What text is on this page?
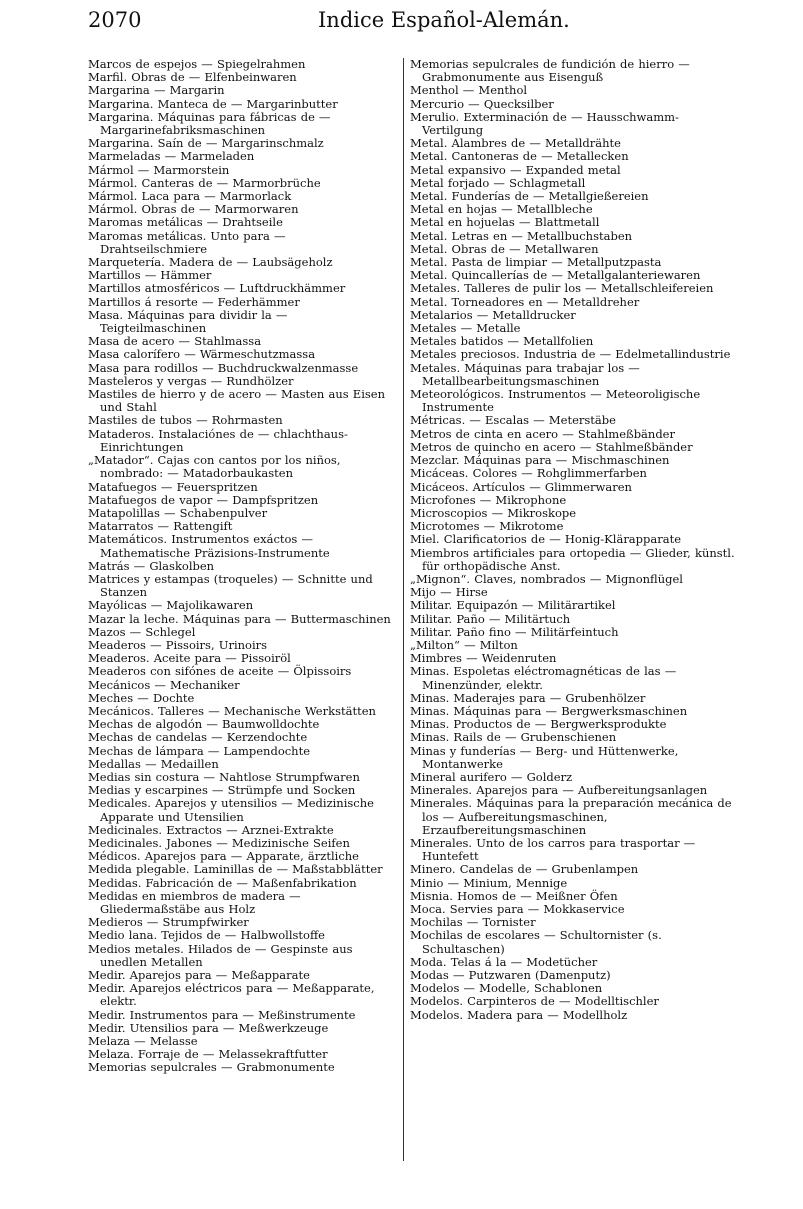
2070	Indice Español-Alemán.
Marcos de espejos — Spiegelrahmen
Marfil. Obras de — Elfenbeinwaren
Margarina — Margarin
Margarina. Manteca de — Margarinbutter
Margarina. Máquinas para fábricas de — Margarinefabriksmaschinen
Margarina. Saín de — Margarinschmalz
Marmeladas — Marmeladen
Mármol — Marmorstein
Mármol. Canteras de — Marmorbrüche
Mármol. Laca para — Marmorlack
Mármol. Obras de — Marmorwaren
Maromas metálicas — Drahtseile
Maromas metálicas. Unto para — Drahtseilschmiere
Marquetería. Madera de — Laubsägeholz
Martillos — Hämmer
Martillos atmosféricos — Luftdruckhämmer
Martillos á resorte — Federhämmer
Masa. Máquinas para dividir la — Teigteilmaschinen
Masa de acero — Stahlmassa
Masa calorífero — Wärmeschutzmassa
Masa para rodillos — Buchdruckwalzenmasse
Masteleros y vergas — Rundhölzer
Mastiles de hierro y de acero — Masten aus Eisen und Stahl
Mastiles de tubos — Rohrmasten
Mataderos. Instalaciónes de — chlachthaus-Einrichtungen
„Matador“. Cajas con cantos por los niños, nombrado: — Matadorbaukasten
Matafuegos — Feuerspritzen
Matafuegos de vapor — Dampfspritzen
Matapolillas — Schabenpulver
Matarratos — Rattengift
Matemáticos. Instrumentos exáctos — Mathematische Präzisions-Instrumente
Matrás — Glaskolben
Matrices y estampas (troqueles) — Schnitte und Stanzen
Mayólicas — Majolikawaren
Mazar la leche. Máquinas para — Buttermaschinen
Mazos — Schlegel
Meaderos — Pissoirs, Urinoirs
Meaderos. Aceite para — Pissoiröl
Meaderos con sifónes de aceite — Ölpissoirs
Mecánicos — Mechaniker
Meches — Dochte
Mecánicos. Talleres — Mechanische Werkstätten
Mechas de algodón — Baumwolldochte
Mechas de candelas — Kerzendochte
Mechas de lámpara — Lampendochte
Medallas — Medaillen
Medias sin costura — Nahtlose Strumpfwaren
Medias y escarpines — Strümpfe und Socken
Medicales. Aparejos y utensilios — Medizinische Apparate und Utensilien
Medicinales. Extractos — Arznei-Extrakte
Medicinales. Jabones — Medizinische Seifen
Médicos. Aparejos para — Apparate, ärztliche
Medida plegable. Laminillas de — Maßstabblätter
Medidas. Fabricación de — Maßenfabrikation
Medidas en miembros de madera — Gliedermaßstäbe aus Holz
Medieros — Strumpfwirker
Medio lana. Tejidos de — Halbwollstoffe
Medios metales. Hilados de — Gespinste aus unedlen Metallen
Medir. Aparejos para — Meßapparate
Medir. Aparejos eléctricos para — Meßapparate, elektr.
Medir. Instrumentos para — Meßinstrumente
Medir. Utensilios para — Meßwerkzeuge
Melaza — Melasse
Melaza. Forraje de — Melassekraftfutter
Memorias sepulcrales — Grabmonumente
Memorias sepulcrales de fundición de hierro — Grabmonumente aus Eisenguß
Menthol — Menthol
Mercurio — Quecksilber
Merulio. Exterminación de — Hausschwamm-Vertilgung
Metal. Alambres de — Metalldrähte
Metal. Cantoneras de — Metallecken
Metal expansivo — Expanded metal
Metal forjado — Schlagmetall
Metal. Funderías de — Metallgießereien
Metal en hojas — Metallbleche
Metal en hojuelas — Blattmetall
Metal. Letras en — Metallbuchstaben
Metal. Obras de — Metallwaren
Metal. Pasta de limpiar — Metallputzpasta
Metal. Quincallerías de — Metallgalanteriewaren
Metales. Talleres de pulir los — Metallschleifereien
Metal. Torneadores en — Metalldreher
Metalarios — Metalldrucker
Metales — Metalle
Metales batidos — Metallfolien
Metales preciosos. Industria de — Edelmetallindustrie
Metales. Máquinas para trabajar los — Metallbearbeitungsmaschinen
Meteorológicos. Instrumentos — Meteoroligische Instrumente
Métricas. — Escalas — Meterstäbe
Metros de cinta en acero — Stahlmeßbänder
Metros de quincho en acero — Stahlmeßbänder
Mezclar. Máquinas para — Mischmaschinen
Micáceas. Colores — Rohglimmerfarben
Micáceos. Artículos — Glimmerwaren
Microfones — Mikrophone
Microscopios — Mikroskope
Microtomes — Mikrotome
Miel. Clarificatorios de — Honig-Klärapparate
Miembros artificiales para ortopedia — Glieder, künstl. für orthopädische Anst.
„Mignon“. Claves, nombrados — Mignonflügel
Mijo — Hirse
Militar. Equipazón — Militärartikel
Militar. Paño — Militärtuch
Militar. Paño fino — Militärfeintuch
„Milton“ — Milton
Mimbres — Weidenruten
Minas. Espoletas eléctromagnéticas de las — Minenzünder, elektr.
Minas. Maderajes para — Grubenhölzer
Minas. Máquinas para — Bergwerksmaschinen
Minas. Productos de — Bergwerksprodukte
Minas. Rails de — Grubenschienen
Minas y funderías — Berg- und Hüttenwerke, Montanwerke
Mineral aurifero — Golderz
Minerales. Aparejos para — Aufbereitungsanlagen
Minerales. Máquinas para la preparación mecánica de los — Aufbereitungsmaschinen, Erzaufbereitungsmaschinen
Minerales. Unto de los carros para trasportar — Huntefett
Minero. Candelas de — Grubenlampen
Minio — Minium, Mennige
Misnia. Homos de — Meißner Öfen
Moca. Servies para — Mokkaservice
Mochilas — Tornister
Mochilas de escolares — Schultornister (s. Schultaschen)
Moda. Telas á la — Modetücher
Modas — Putzwaren (Damenputz)
Modelos — Modelle, Schablonen
Modelos. Carpinteros de — Modelltischler
Modelos. Madera para — Modellholz
